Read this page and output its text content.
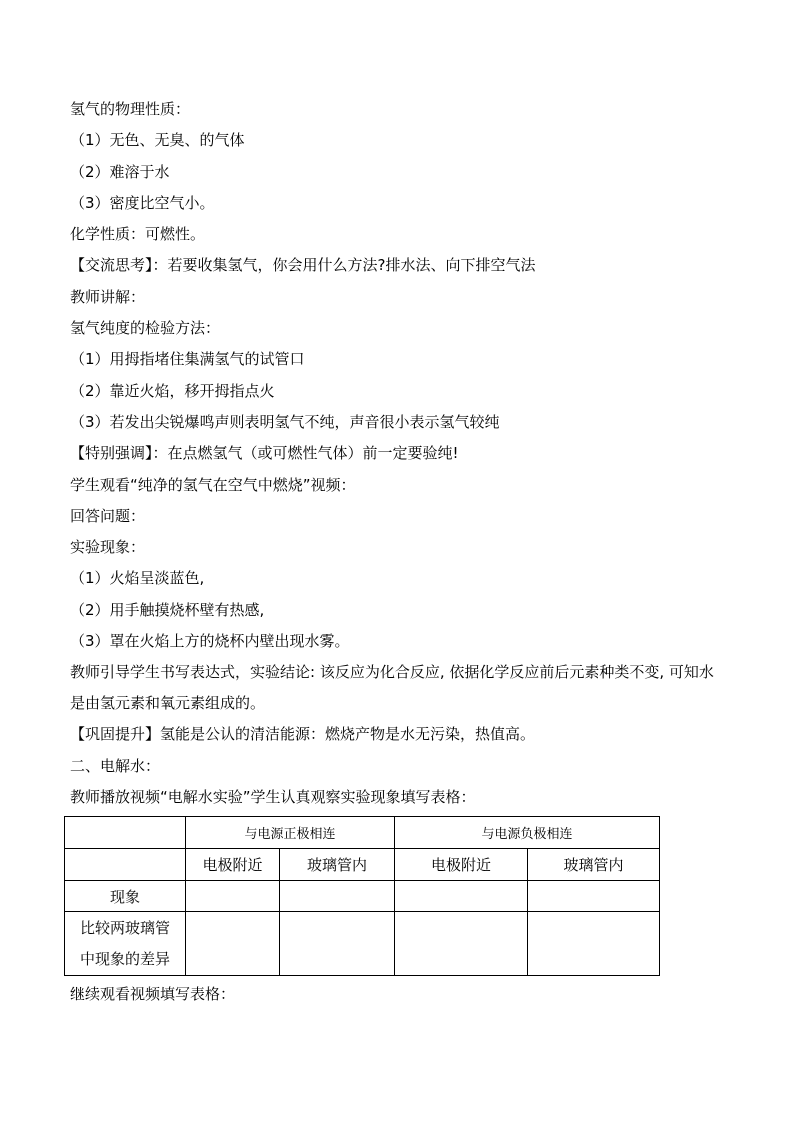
氢气的物理性质：
（1）无色、无臭、的气体
（2）难溶于水
（3）密度比空气小。
化学性质：可燃性。
【交流思考】：若要收集氢气，你会用什么方法?排水法、向下排空气法
教师讲解：
氢气纯度的检验方法：
（1）用拇指堵住集满氢气的试管口
（2）靠近火焰，移开拇指点火
（3）若发出尖锐爆鸣声则表明氢气不纯，声音很小表示氢气较纯
【特别强调】：在点燃氢气（或可燃性气体）前一定要验纯!
学生观看“纯净的氢气在空气中燃烧”视频：
回答问题：
实验现象：
（1）火焰呈淡蓝色,
（2）用手触摸烧杯壁有热感,
（3）罩在火焰上方的烧杯内壁出现水雾。
教师引导学生书写表达式，实验结论: 该反应为化合反应, 依据化学反应前后元素种类不变, 可知水是由氢元素和氧元素组成的。
【巩固提升】氢能是公认的清洁能源：燃烧产物是水无污染，热值高。
二、电解水：
教师播放视频“电解水实验”学生认真观察实验现象填写表格：
	与电源正极相连		与电源负极相连	
	电极附近	玻璃管内	电极附近	玻璃管内
现象				

比较两玻璃管
中现象的差异				

继续观看视频填写表格：
